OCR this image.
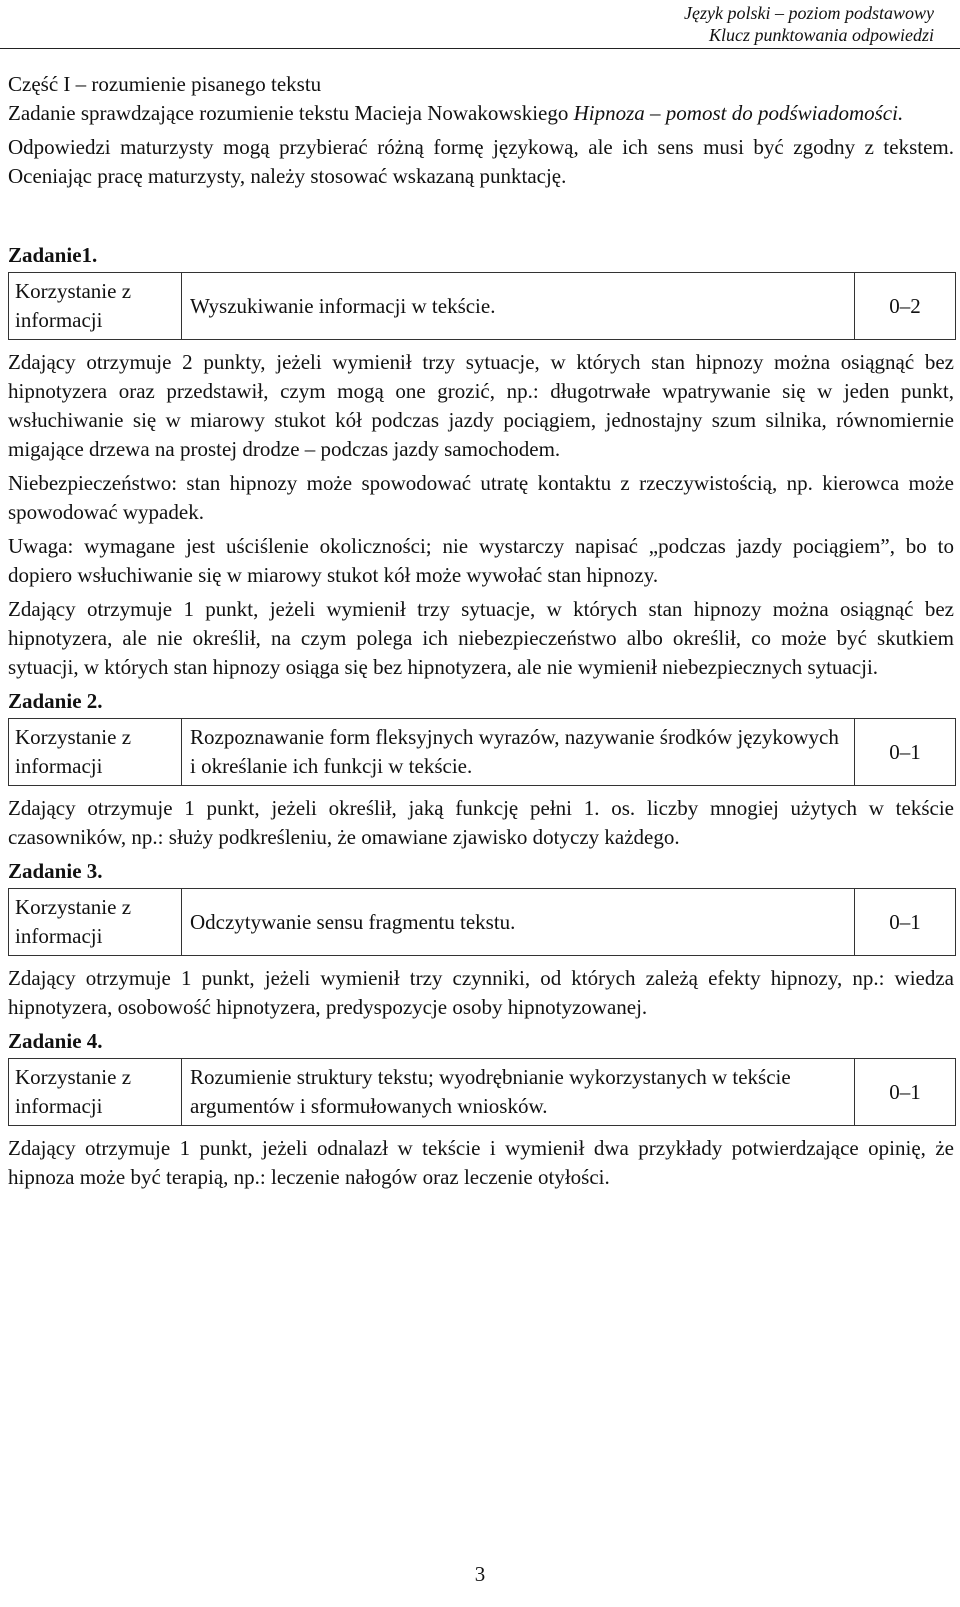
Język polski – poziom podstawowy
Klucz punktowania odpowiedzi

Część I – rozumienie pisanego tekstu

Zadanie sprawdzające rozumienie tekstu Macieja Nowakowskiego Hipnoza – pomost do podświadomości.

Odpowiedzi maturzysty mogą przybierać różną formę językową, ale ich sens musi być zgodny z tekstem. Oceniając pracę maturzysty, należy stosować wskazaną punktację.

Zadanie1.

Korzystanie z informacji	Wyszukiwanie informacji w tekście.	0–2

Zdający otrzymuje 2 punkty, jeżeli wymienił trzy sytuacje, w których stan hipnozy można osiągnąć bez hipnotyzera oraz przedstawił, czym mogą one grozić, np.: długotrwałe wpatrywanie się w jeden punkt, wsłuchiwanie się w miarowy stukot kół podczas jazdy pociągiem, jednostajny szum silnika, równomiernie migające drzewa na prostej drodze – podczas jazdy samochodem.

Niebezpieczeństwo: stan hipnozy może spowodować utratę kontaktu z rzeczywistością, np. kierowca może spowodować wypadek.

Uwaga: wymagane jest uściślenie okoliczności; nie wystarczy napisać „podczas jazdy pociągiem”, bo to dopiero wsłuchiwanie się w miarowy stukot kół może wywołać stan hipnozy.

Zdający otrzymuje 1 punkt, jeżeli wymienił trzy sytuacje, w których stan hipnozy można osiągnąć bez hipnotyzera, ale nie określił, na czym polega ich niebezpieczeństwo albo określił, co może być skutkiem sytuacji, w których stan hipnozy osiąga się bez hipnotyzera, ale nie wymienił niebezpiecznych sytuacji.

Zadanie 2.

Korzystanie z informacji	Rozpoznawanie form fleksyjnych wyrazów, nazywanie środków językowych i określanie ich funkcji w tekście.	0–1

Zdający otrzymuje 1 punkt, jeżeli określił, jaką funkcję pełni 1. os. liczby mnogiej użytych w tekście czasowników, np.: służy podkreśleniu, że omawiane zjawisko dotyczy każdego.

Zadanie 3.

Korzystanie z informacji	Odczytywanie sensu fragmentu tekstu.	0–1

Zdający otrzymuje 1 punkt, jeżeli wymienił trzy czynniki, od których zależą efekty hipnozy, np.: wiedza hipnotyzera, osobowość hipnotyzera, predyspozycje osoby hipnotyzowanej.

Zadanie 4.

Korzystanie z informacji	Rozumienie struktury tekstu; wyodrębnianie wykorzystanych w tekście argumentów i sformułowanych wniosków.	0–1

Zdający otrzymuje 1 punkt, jeżeli odnalazł w tekście i wymienił dwa przykłady potwierdzające opinię, że hipnoza może być terapią, np.: leczenie nałogów oraz leczenie otyłości.

3
